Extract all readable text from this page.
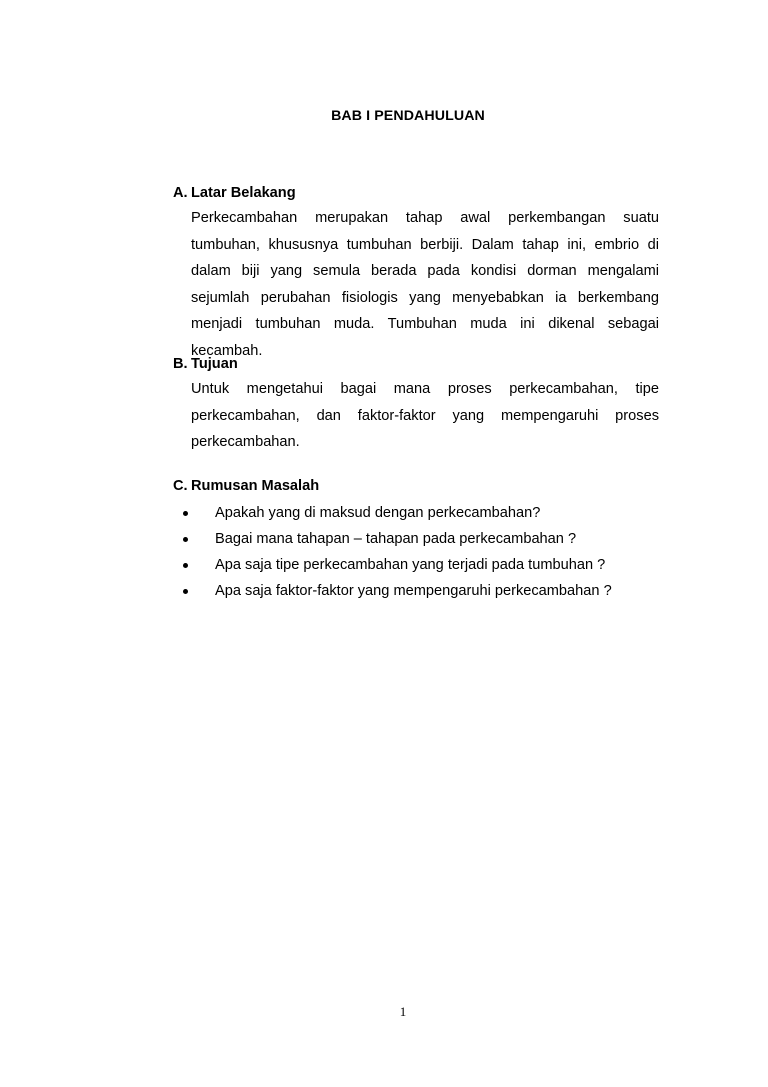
BAB I PENDAHULUAN
A. Latar Belakang
Perkecambahan merupakan tahap awal perkembangan suatu tumbuhan, khususnya tumbuhan berbiji. Dalam tahap ini, embrio di dalam biji yang semula berada pada kondisi dorman mengalami sejumlah perubahan fisiologis yang menyebabkan ia berkembang menjadi tumbuhan muda. Tumbuhan muda ini dikenal sebagai kecambah.
B. Tujuan
Untuk mengetahui bagai mana proses perkecambahan, tipe perkecambahan, dan faktor-faktor yang mempengaruhi proses perkecambahan.
C. Rumusan Masalah
Apakah yang di maksud dengan perkecambahan?
Bagai mana tahapan – tahapan pada perkecambahan ?
Apa saja tipe perkecambahan yang terjadi pada tumbuhan ?
Apa saja faktor-faktor yang mempengaruhi perkecambahan ?
1
